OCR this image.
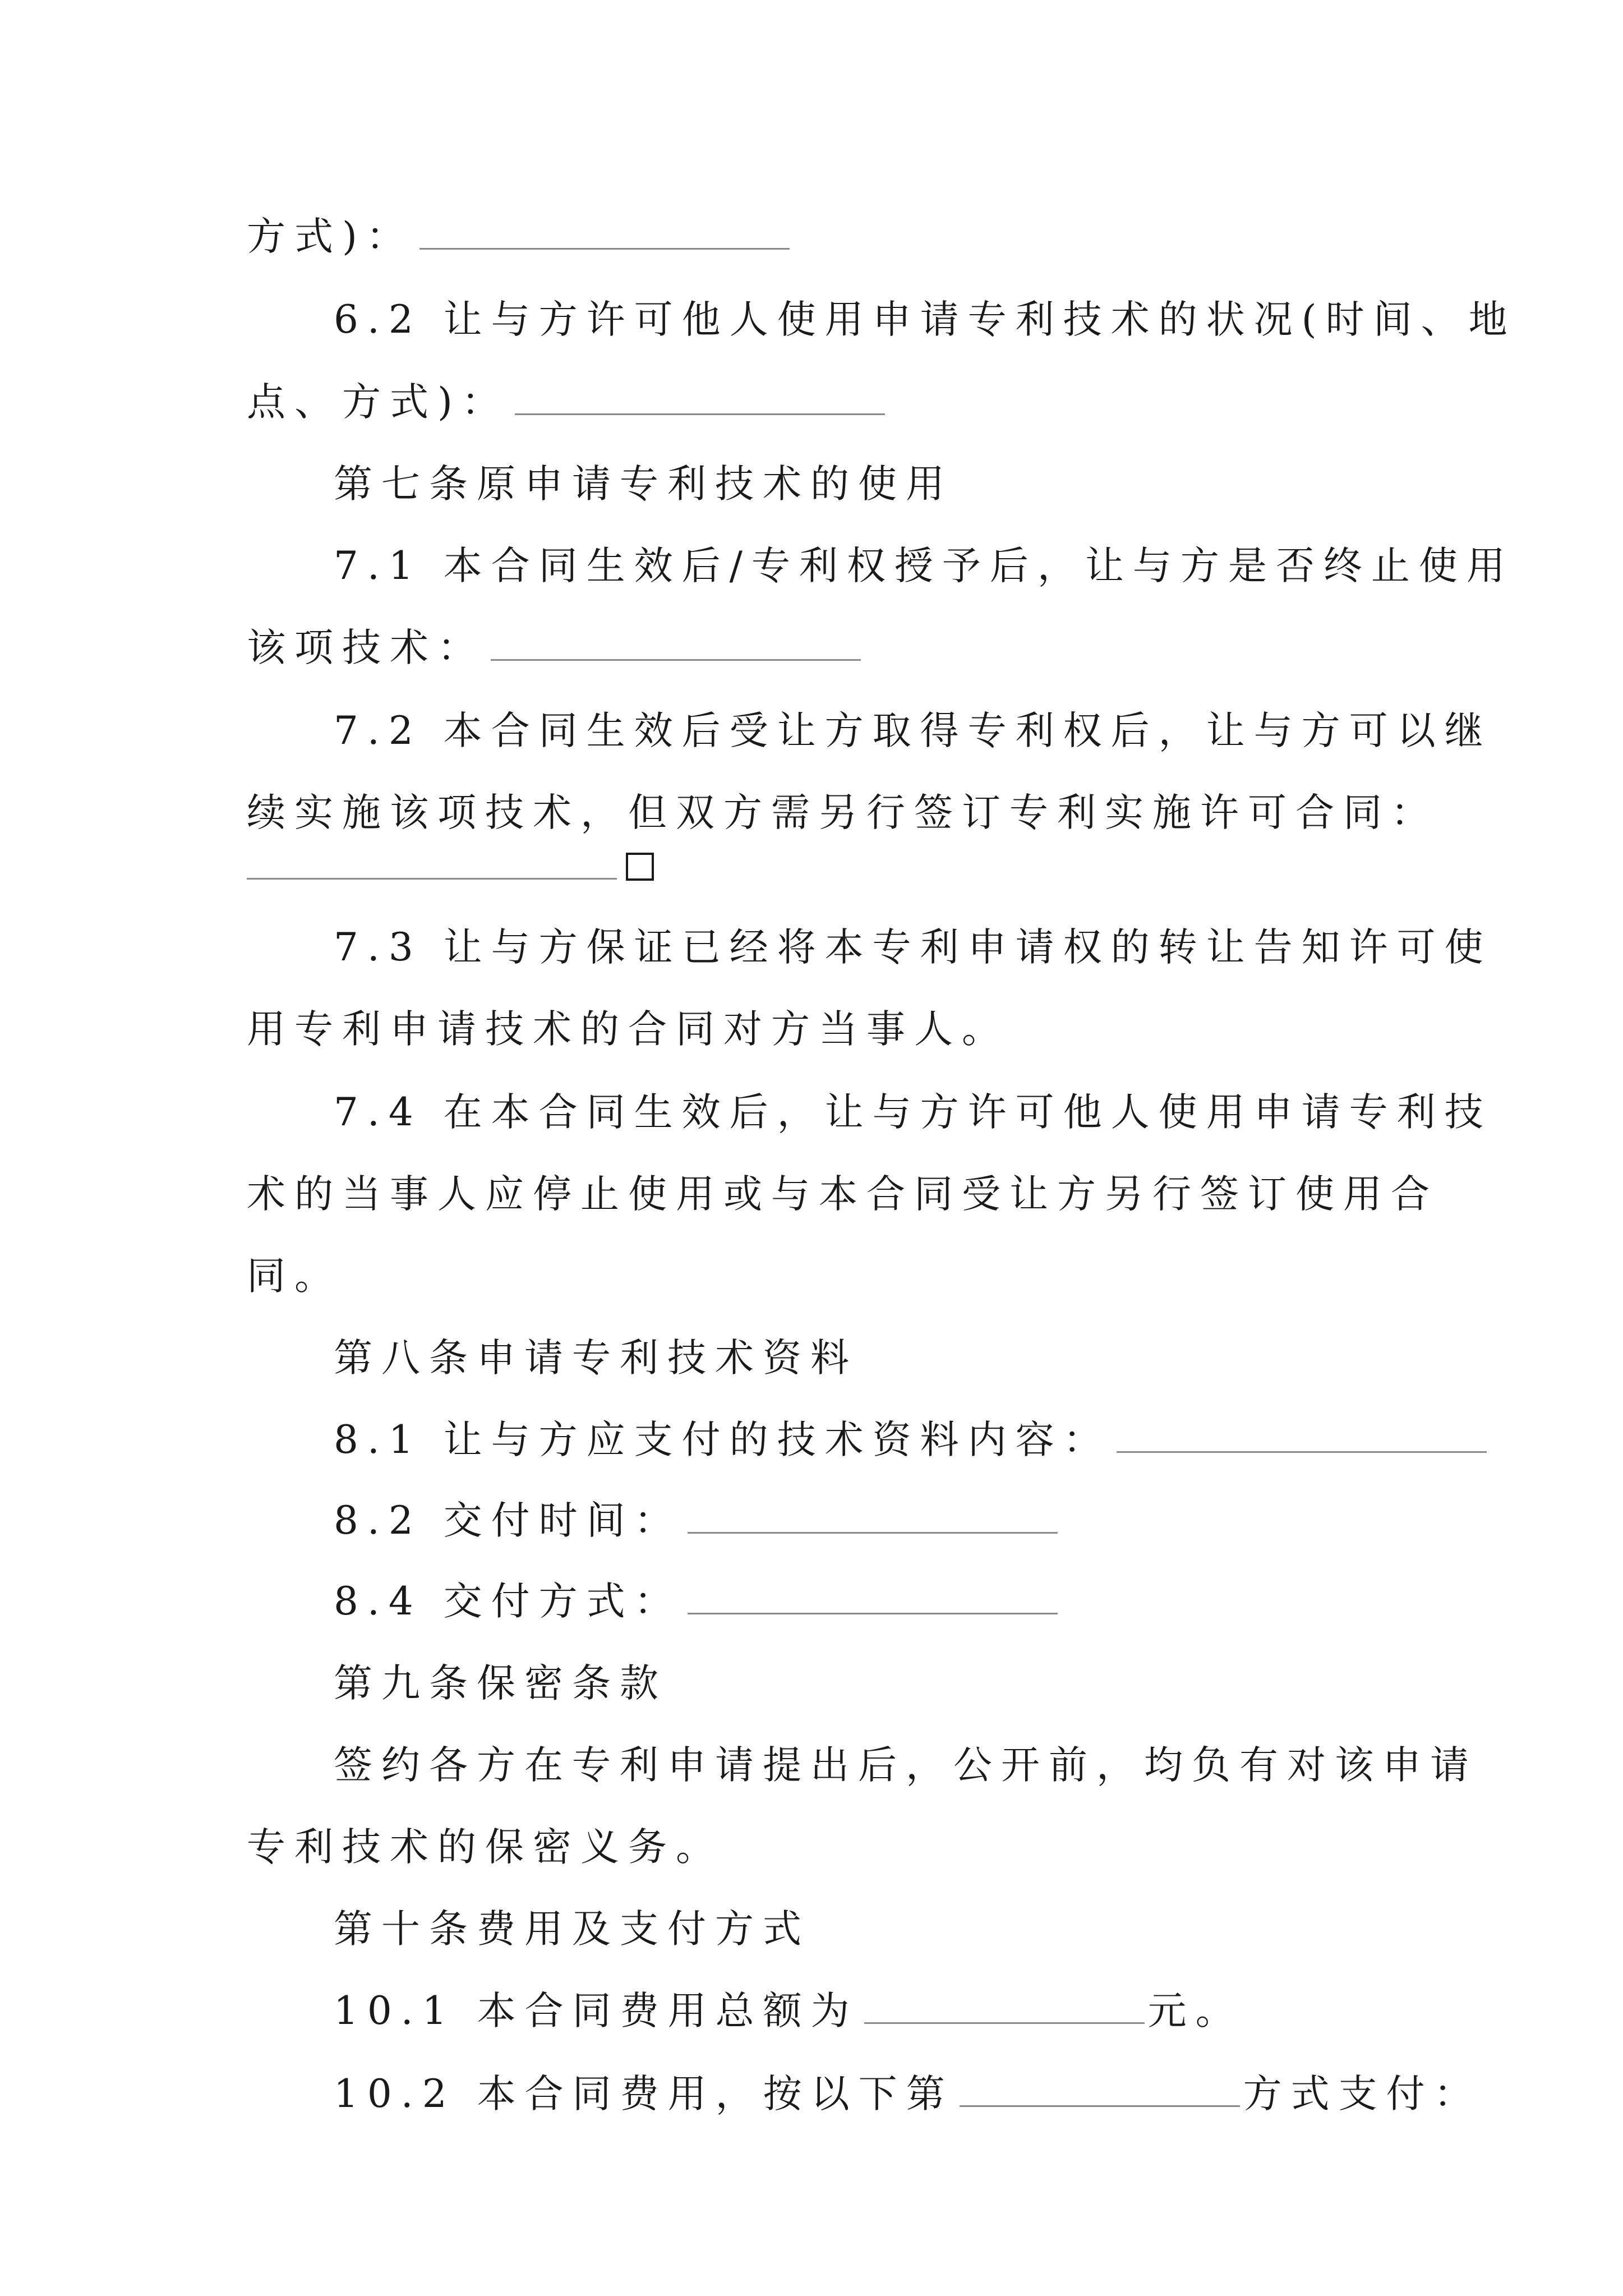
方式)：
6.2 让与方许可他人使用申请专利技术的状况(时间、地
点、方式)：
第七条原申请专利技术的使用
7.1 本合同生效后/专利权授予后，让与方是否终止使用
该项技术：
7.2 本合同生效后受让方取得专利权后，让与方可以继
续实施该项技术，但双方需另行签订专利实施许可合同：
7.3 让与方保证已经将本专利申请权的转让告知许可使
用专利申请技术的合同对方当事人。
7.4 在本合同生效后，让与方许可他人使用申请专利技
术的当事人应停止使用或与本合同受让方另行签订使用合
同。
第八条申请专利技术资料
8.1 让与方应支付的技术资料内容：
8.2 交付时间：
8.4 交付方式：
第九条保密条款
签约各方在专利申请提出后，公开前，均负有对该申请
专利技术的保密义务。
第十条费用及支付方式
10.1 本合同费用总额为	元。
10.2 本合同费用，按以下第	方式支付：
